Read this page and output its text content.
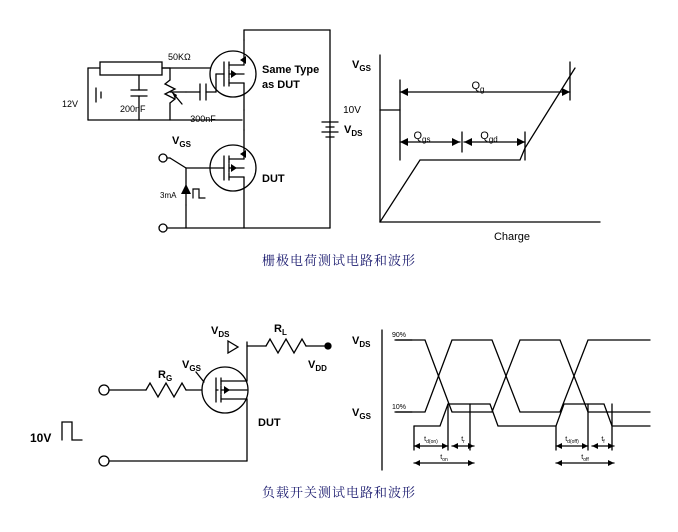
12V
50KΩ
200nF
300nF
3mA
Same Type
as DUT
DUT
$V_{GS}$
$V_{DS}$
$V_{GS}$
10V
Charge
$Q_g$
$Q_{gs}$	$Q_{gd}$
栅极电荷测试电路和波形
10V
$R_G$
$R_L$
$V_{DS}$
$V_{GS}$	$V_{DD}$
DUT
$V_{DS}$
$V_{GS}$
90%
10%
$t_{d(on)}$	$t_r$
$t_{on}$
$t_{d(off)}$	$t_f$
$t_{off}$
负载开关测试电路和波形
